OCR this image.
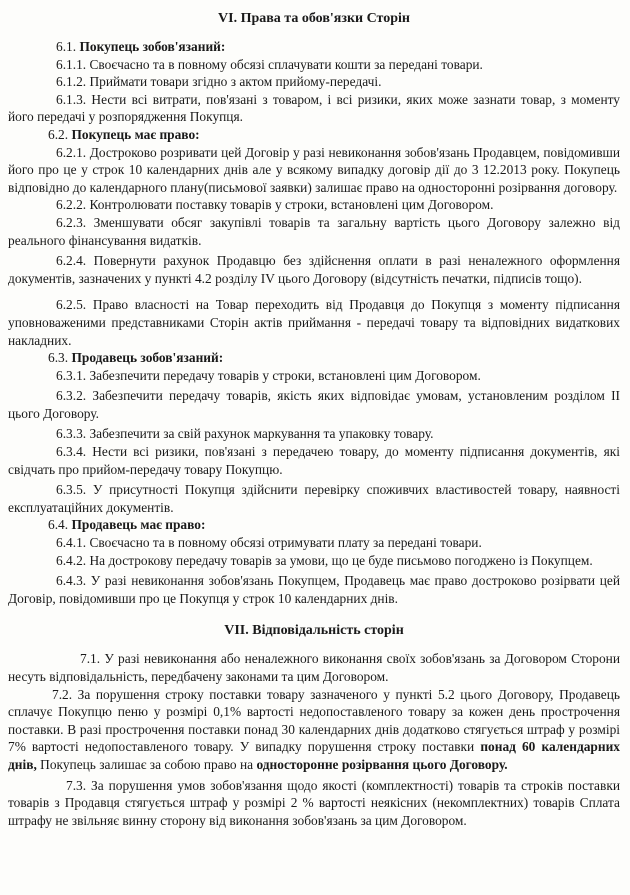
VI. Права та обов'язки Сторін

6.1. Покупець зобов'язаний:

6.1.1. Своєчасно та в повному обсязі сплачувати кошти за передані товари.

6.1.2. Приймати товари згідно з актом прийому-передачі.

6.1.3. Нести всі витрати, пов'язані з товаром, і всі ризики, яких може зазнати товар, з моменту його передачі у розпорядження Покупця.

6.2. Покупець має право:

6.2.1. Достроково розривати цей Договір у разі невиконання зобов'язань Продавцем, повідомивши його про це у строк 10 календарних днів але у всякому випадку договір дії до 3 12.2013 року. Покупець відповідно до календарного плану(письмової заявки) залишає право на односторонні розірвання договору.

6.2.2. Контролювати поставку товарів у строки, встановлені цим Договором.

6.2.3. Зменшувати обсяг закупівлі товарів та загальну вартість цього Договору залежно від реального фінансування видатків.

6.2.4. Повернути рахунок Продавцю без здійснення оплати в разі неналежного оформлення документів, зазначених у пункті 4.2 розділу IV цього Договору (відсутність печатки, підписів тощо).

6.2.5. Право власності на Товар переходить від Продавця до Покупця з моменту підписання уповноваженими представниками Сторін актів приймання - передачі товару та відповідних видаткових накладних.

6.3. Продавець зобов'язаний:

6.3.1. Забезпечити передачу товарів у строки, встановлені цим Договором.

6.3.2. Забезпечити передачу товарів, якість яких відповідає умовам, установленим розділом II цього Договору.

6.3.3. Забезпечити за свій рахунок маркування та упаковку товару.

6.3.4. Нести всі ризики, пов'язані з передачею товару, до моменту підписання документів, які свідчать про прийом-передачу товару Покупцю.

6.3.5. У присутності Покупця здійснити перевірку споживчих властивостей товару, наявності експлуатаційних документів.

6.4. Продавець має право:

6.4.1. Своєчасно та в повному обсязі отримувати плату за передані товари.

6.4.2. На дострокову передачу товарів за умови, що це буде письмово погоджено із Покупцем.

6.4.3. У разі невиконання зобов'язань Покупцем, Продавець має право достроково розірвати цей Договір, повідомивши про це Покупця у строк 10 календарних днів.

VII. Відповідальність сторін

7.1. У разі невиконання або неналежного виконання своїх зобов'язань за Договором Сторони несуть відповідальність, передбачену законами та цим Договором.

7.2. За порушення строку поставки товару зазначеного у пункті 5.2 цього Договору, Продавець сплачує Покупцю пеню у розмірі 0,1% вартості недопоставленого товару за кожен день прострочення поставки. В разі прострочення поставки понад 30 календарних днів додатково стягується штраф у розмірі 7% вартості недопоставленого товару. У випадку порушення строку поставки понад 60 календарних днів, Покупець залишає за собою право на односторонне розірвання цього Договору.

7.3. За порушення умов зобов'язання щодо якості (комплектності) товарів та строків поставки товарів з Продавця стягується штраф у розмірі 2 % вартості неякісних (некомплектних) товарів Сплата штрафу не звільняє винну сторону від виконання зобов'язань за цим Договором.
